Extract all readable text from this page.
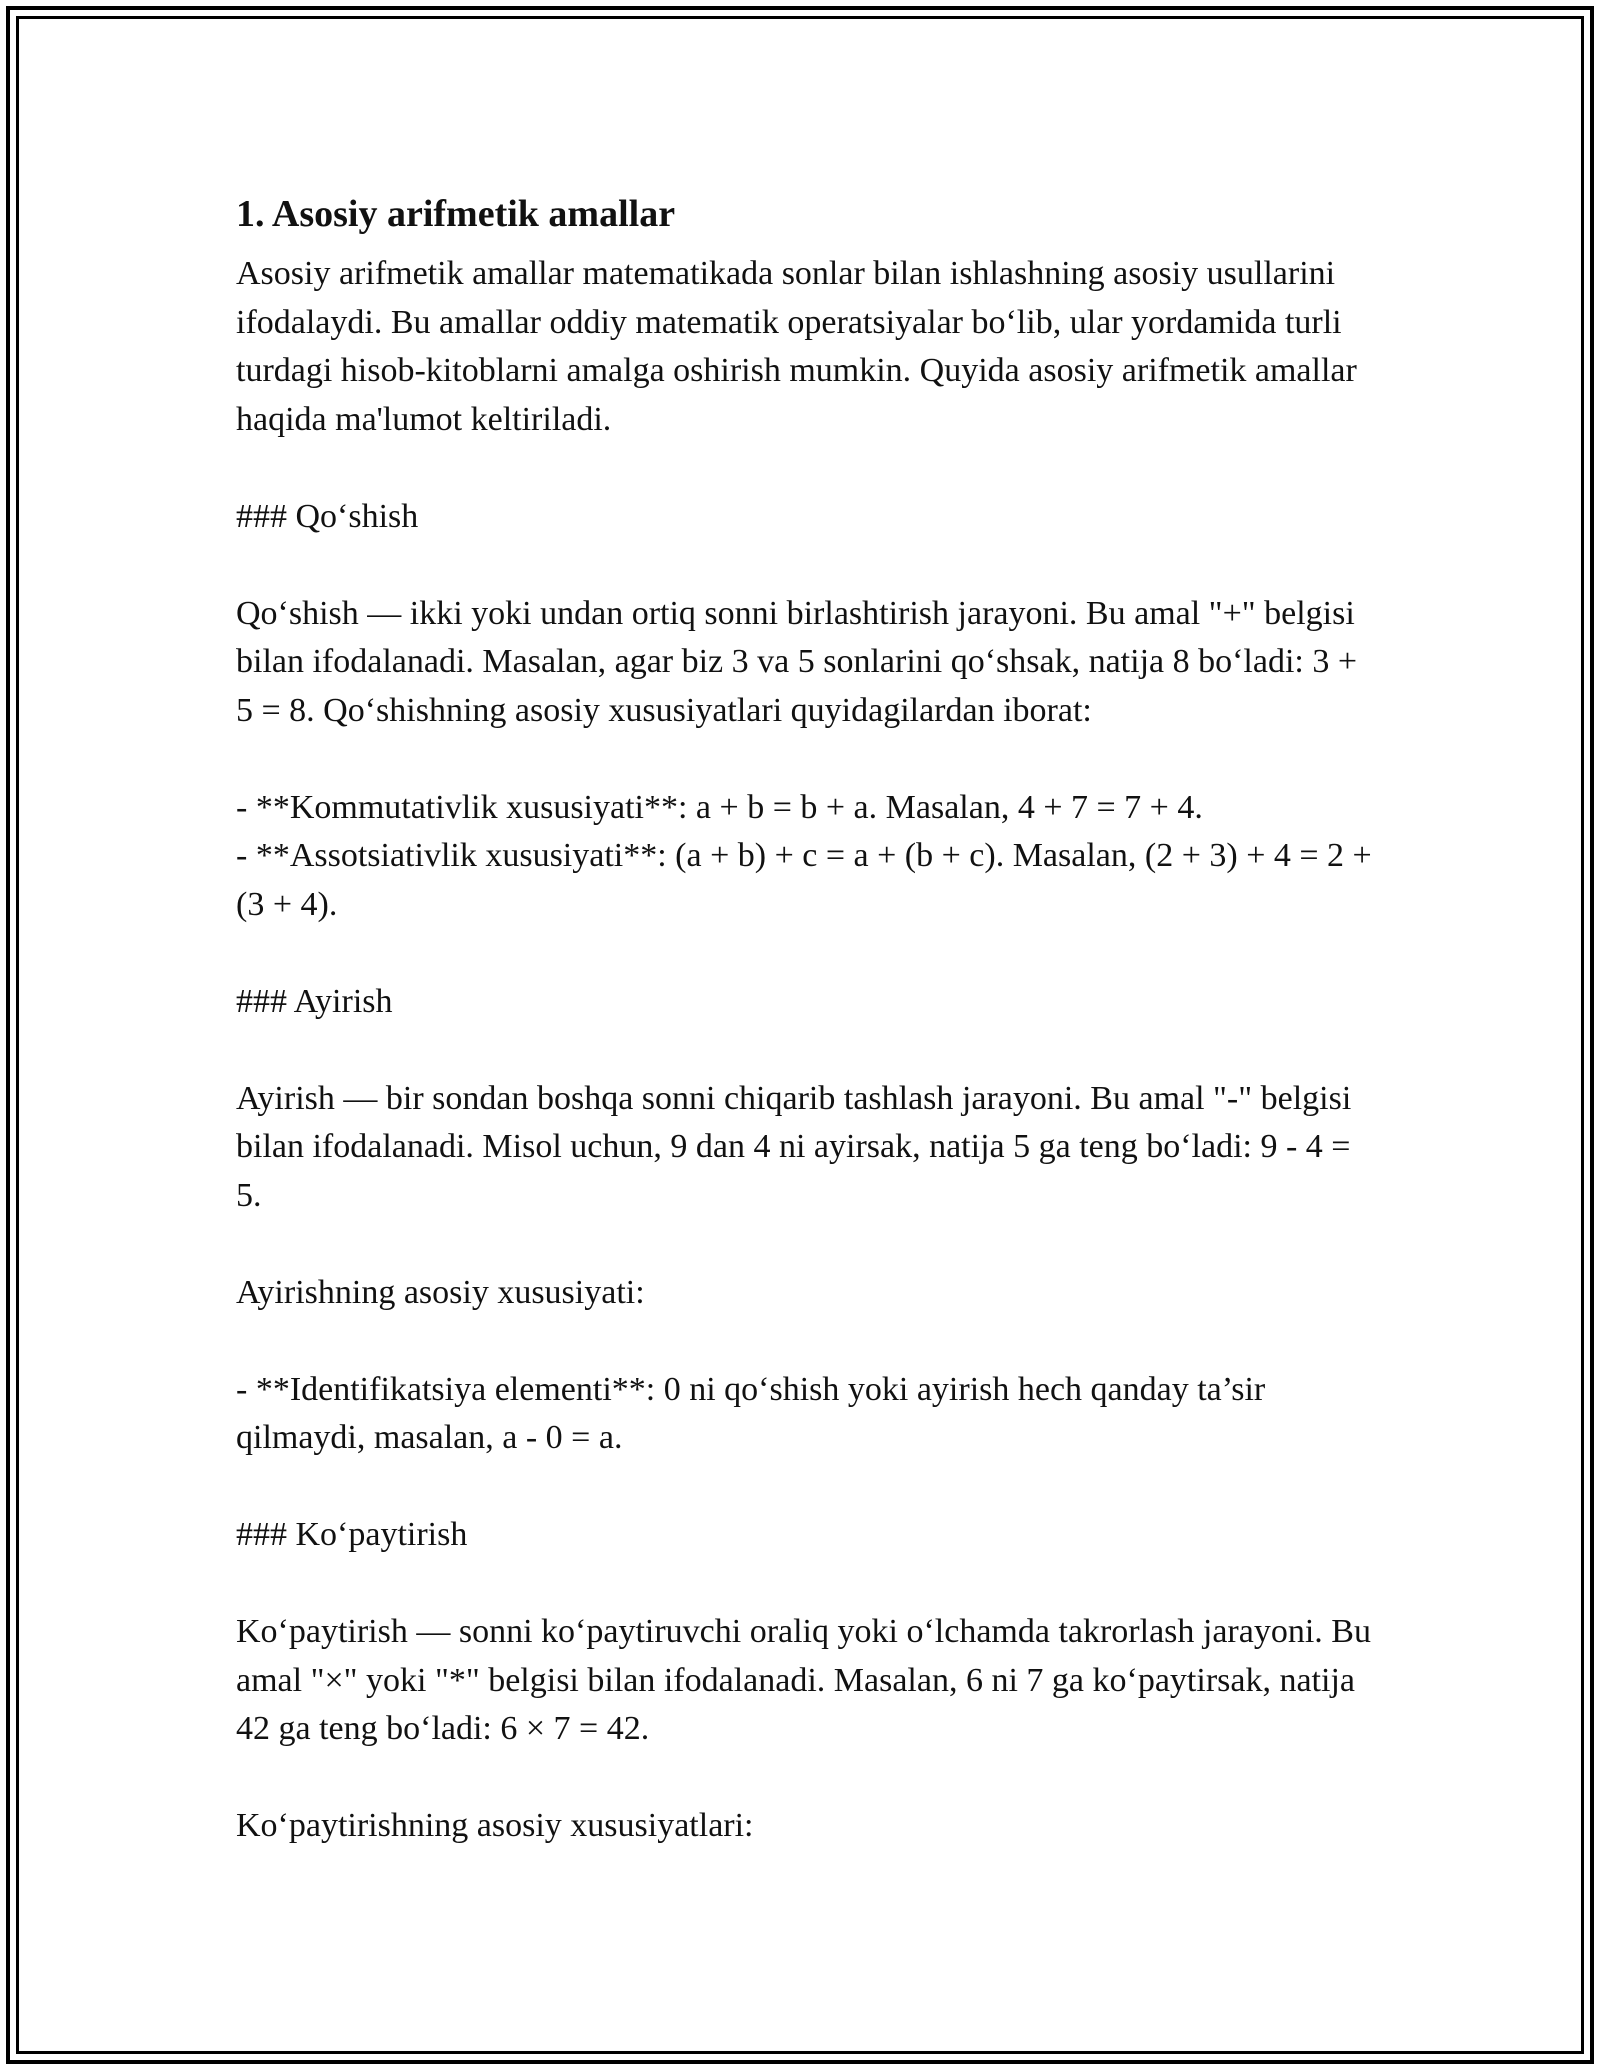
1. Asosiy arifmetik amallar

Asosiy arifmetik amallar matematikada sonlar bilan ishlashning asosiy usullarini ifodalaydi. Bu amallar oddiy matematik operatsiyalar bo‘lib, ular yordamida turli turdagi hisob-kitoblarni amalga oshirish mumkin. Quyida asosiy arifmetik amallar haqida ma'lumot keltiriladi.

### Qo‘shish

Qo‘shish — ikki yoki undan ortiq sonni birlashtirish jarayoni. Bu amal "+" belgisi bilan ifodalanadi. Masalan, agar biz 3 va 5 sonlarini qo‘shsak, natija 8 bo‘ladi: 3 + 5 = 8. Qo‘shishning asosiy xususiyatlari quyidagilardan iborat:

- **Kommutativlik xususiyati**: a + b = b + a. Masalan, 4 + 7 = 7 + 4.

- **Assotsiativlik xususiyati**: (a + b) + c = a + (b + c). Masalan, (2 + 3) + 4 = 2 + (3 + 4).

### Ayirish

Ayirish — bir sondan boshqa sonni chiqarib tashlash jarayoni. Bu amal "-" belgisi bilan ifodalanadi. Misol uchun, 9 dan 4 ni ayirsak, natija 5 ga teng bo‘ladi: 9 - 4 = 5.

Ayirishning asosiy xususiyati:

- **Identifikatsiya elementi**: 0 ni qo‘shish yoki ayirish hech qanday ta’sir qilmaydi, masalan, a - 0 = a.

### Ko‘paytirish

Ko‘paytirish — sonni ko‘paytiruvchi oraliq yoki o‘lchamda takrorlash jarayoni. Bu amal "×" yoki "*" belgisi bilan ifodalanadi. Masalan, 6 ni 7 ga ko‘paytirsak, natija 42 ga teng bo‘ladi: 6 × 7 = 42.

Ko‘paytirishning asosiy xususiyatlari:
